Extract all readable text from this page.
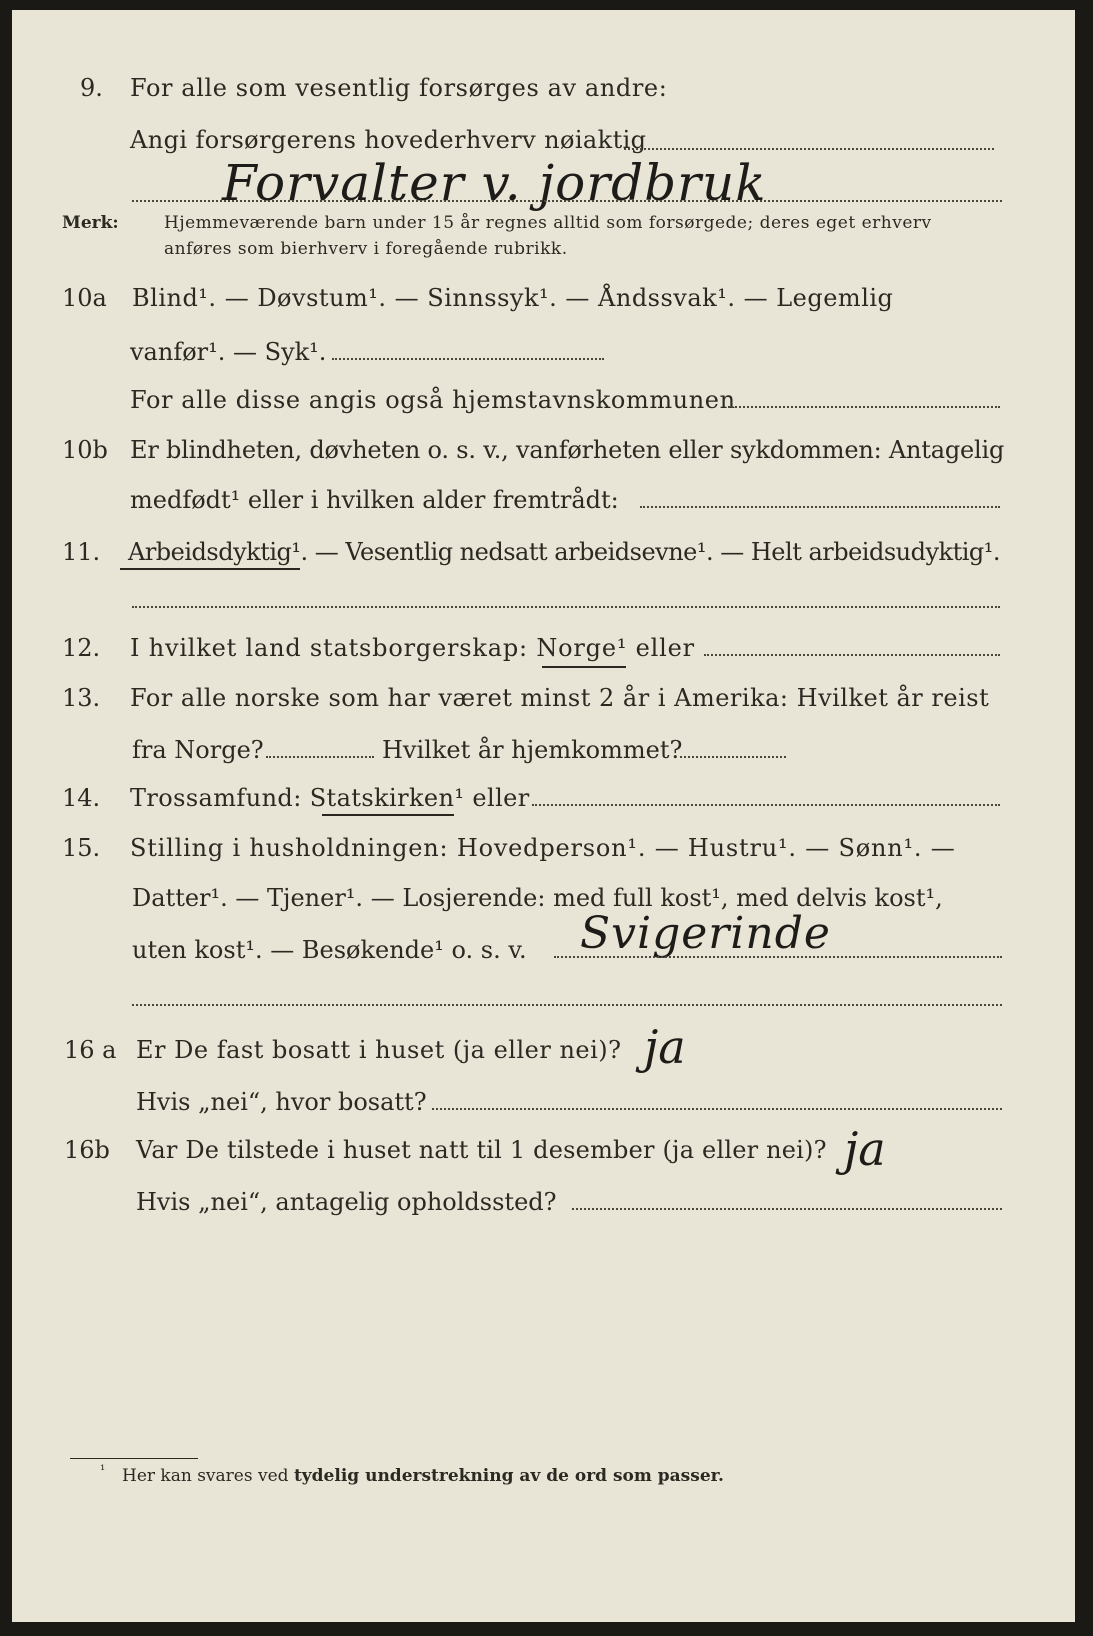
9. For alle som vesentlig forsørges av andre:
Angi forsørgerens hovederhverv nøiaktig
Forvalter v. jordbruk
Merk:	Hjemmeværende barn under 15 år regnes alltid som forsørgede; deres eget erhverv
anføres som bierhverv i foregående rubrikk.
10a Blind¹. — Døvstum¹. — Sinnssyk¹. — Åndssvak¹. — Legemlig
vanfør¹. — Syk¹.
For alle disse angis også hjemstavnskommunen
10b Er blindheten, døvheten o. s. v., vanførheten eller sykdommen: Antagelig
medfødt¹ eller i hvilken alder fremtrådt:
11. Arbeidsdyktig¹. — Vesentlig nedsatt arbeidsevne¹. — Helt arbeidsudyktig¹.
12. I hvilket land statsborgerskap: Norge¹ eller
13. For alle norske som har været minst 2 år i Amerika: Hvilket år reist
fra Norge?	Hvilket år hjemkommet?
14. Trossamfund: Statskirken¹ eller
15. Stilling i husholdningen: Hovedperson¹. — Hustru¹. — Sønn¹. —
Datter¹. — Tjener¹. — Losjerende: med full kost¹, med delvis kost¹,
uten kost¹. — Besøkende¹ o. s. v. Svigerinde
16 a Er De fast bosatt i huset (ja eller nei)? ja
Hvis „nei“, hvor bosatt?
16b Var De tilstede i huset natt til 1 desember (ja eller nei)? ja
Hvis „nei“, antagelig opholdssted?
¹ Her kan svares ved tydelig understrekning av de ord som passer.
